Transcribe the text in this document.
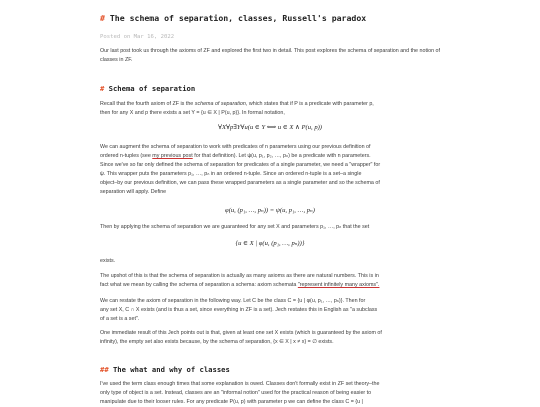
# The schema of separation, classes, Russell's paradox
Posted on Mar 16, 2022
Our last post took us through the axioms of ZF and explored the first two in detail. This post explores the schema of separation and the notion of classes in ZF.
# Schema of separation
Recall that the fourth axiom of ZF is the schema of separation, which states that if P is a predicate with parameter p,
then for any X and p there exists a set Y = {u ∈ X | P(u, p)}. In formal notation,
∀X∀p∃Y∀u(u ∈ Y ⟺ u ∈ X ∧ P(u, p))
We can augment the schema of separation to work with predicates of n parameters using our previous definition of
ordered n-tuples (see my previous post for that definition). Let ψ(u, p₁, p₂, …, pₙ) be a predicate with n parameters.
Since we've so far only defined the schema of separation for predicates of a single parameter, we need a "wrapper" for
ψ. This wrapper puts the parameters p₁, …, pₙ in an ordered n-tuple. Since an ordered n-tuple is a set–a single
object–by our previous definition, we can pass these wrapped parameters as a single parameter and so the schema of
separation will apply. Define
φ(u, (p₁, …, pₙ)) = ψ(u, p₁, …, pₙ)
Then by applying the schema of separation we are guaranteed for any set X and parameters p₁, …, pₙ that the set
{u ∈ X | φ(u, (p₁, …, pₙ))}
exists.
The upshot of this is that the schema of separation is actually as many axioms as there are natural numbers. This is in
fact what we mean by calling the schema of separation a schema: axiom schemata "represent infinitely many axioms".
We can restate the axiom of separation in the following way. Let C be the class C = {u | φ(u, p₁, …, pₙ)}. Then for
any set X, C ∩ X exists (and is thus a set, since everything in ZF is a set). Jech restates this in English as "a subclass
of a set is a set".
One immediate result of this Jech points out is that, given at least one set X exists (which is guaranteed by the axiom of
infinity), the empty set also exists because, by the schema of separation, {x ∈ X | x ≠ x} = ∅ exists.
## The what and why of classes
I've used the term class enough times that some explanation is owed. Classes don't formally exist in ZF set theory–the
only type of object is a set. Instead, classes are an "informal notion" used for the practical reason of being easier to
manipulate due to their looser rules. For any predicate P(u, p) with parameter p we can define the class C = {u |
